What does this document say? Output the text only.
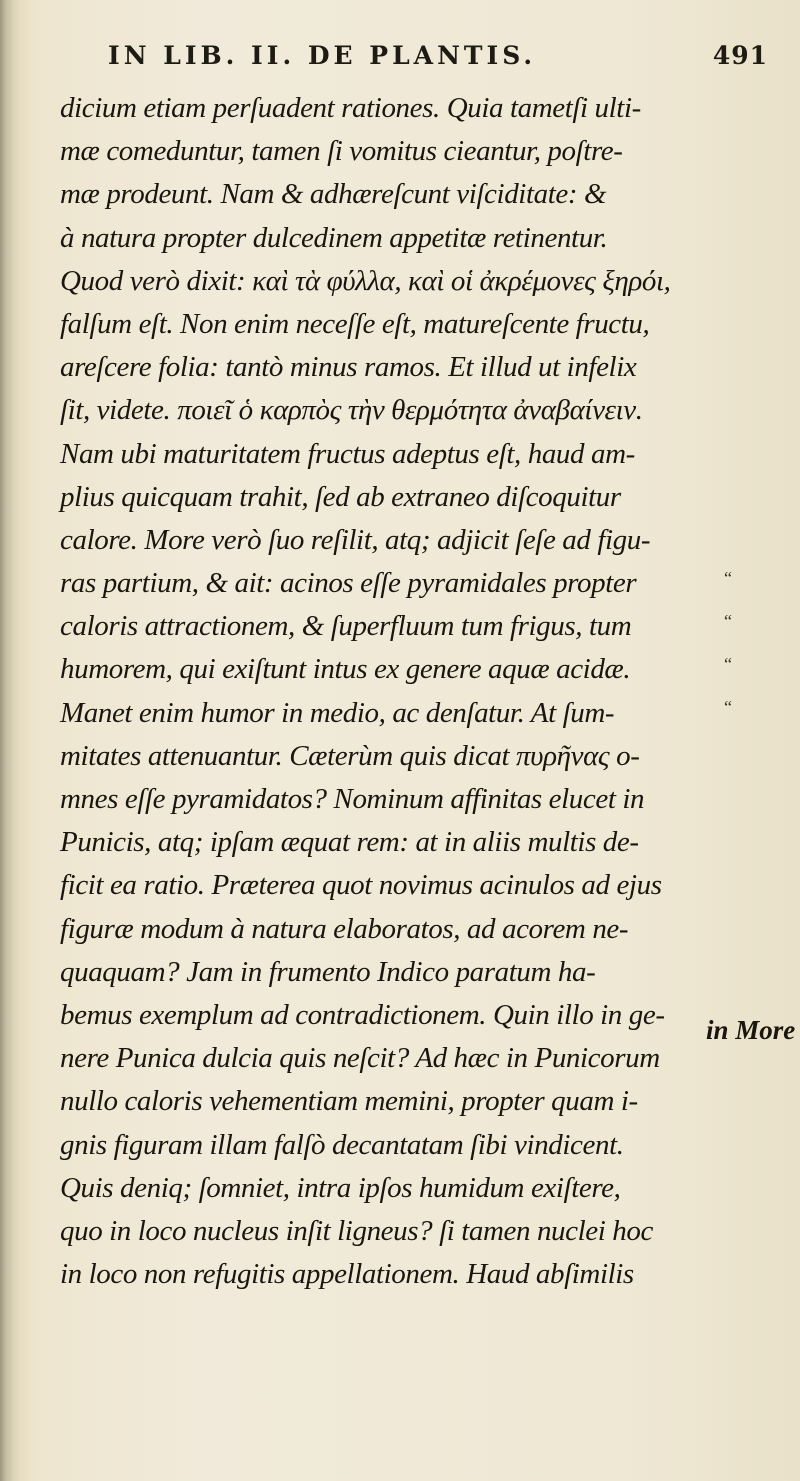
IN LIB. II. DE PLANTIS.	491
dicium etiam perſuadent rationes. Quia tametſi ulti-
mæ comeduntur, tamen ſi vomitus cieantur, poſtre-
mæ prodeunt. Nam & adhæreſcunt viſciditate: &
à natura propter dulcedinem appetitæ retinentur.
Quod verò dixit: καὶ τὰ φύλλα, καὶ οἱ ἀκρέμονες ξηρόι,
falſum eſt. Non enim neceſſe eſt, matureſcente fructu,
areſcere folia: tantò minus ramos. Et illud ut infelix
ſit, videte. ποιεῖ ὁ καρπὸς τὴν θερμότητα ἀναβαίνειν.
Nam ubi maturitatem fructus adeptus eſt, haud am-
plius quicquam trahit, ſed ab extraneo diſcoquitur
calore. More verò ſuo reſilit, atq; adjicit ſeſe ad figu-
ras partium, & ait: acinos eſſe pyramidales propter
caloris attractionem, & ſuperfluum tum frigus, tum
humorem, qui exiſtunt intus ex genere aquæ acidæ.
Manet enim humor in medio, ac denſatur. At ſum-
mitates attenuantur. Cæterùm quis dicat πυρῆνας o-
mnes eſſe pyramidatos? Nominum affinitas elucet in
Punicis, atq; ipſam æquat rem: at in aliis multis de-
ficit ea ratio. Præterea quot novimus acinulos ad ejus
figuræ modum à natura elaboratos, ad acorem ne-
quaquam? Jam in frumento Indico paratum ha-
bemus exemplum ad contradictionem. Quin illo in ge-
nere Punica dulcia quis neſcit? Ad hæc in Punicorum
nullo caloris vehementiam memini, propter quam i-
gnis figuram illam falſò decantatam ſibi vindicent.
Quis deniq; ſomniet, intra ipſos humidum exiſtere,
quo in loco nucleus inſit ligneus? ſi tamen nuclei hoc
in loco non refugitis appellationem. Haud abſimilis
“
“
“
“
in More
